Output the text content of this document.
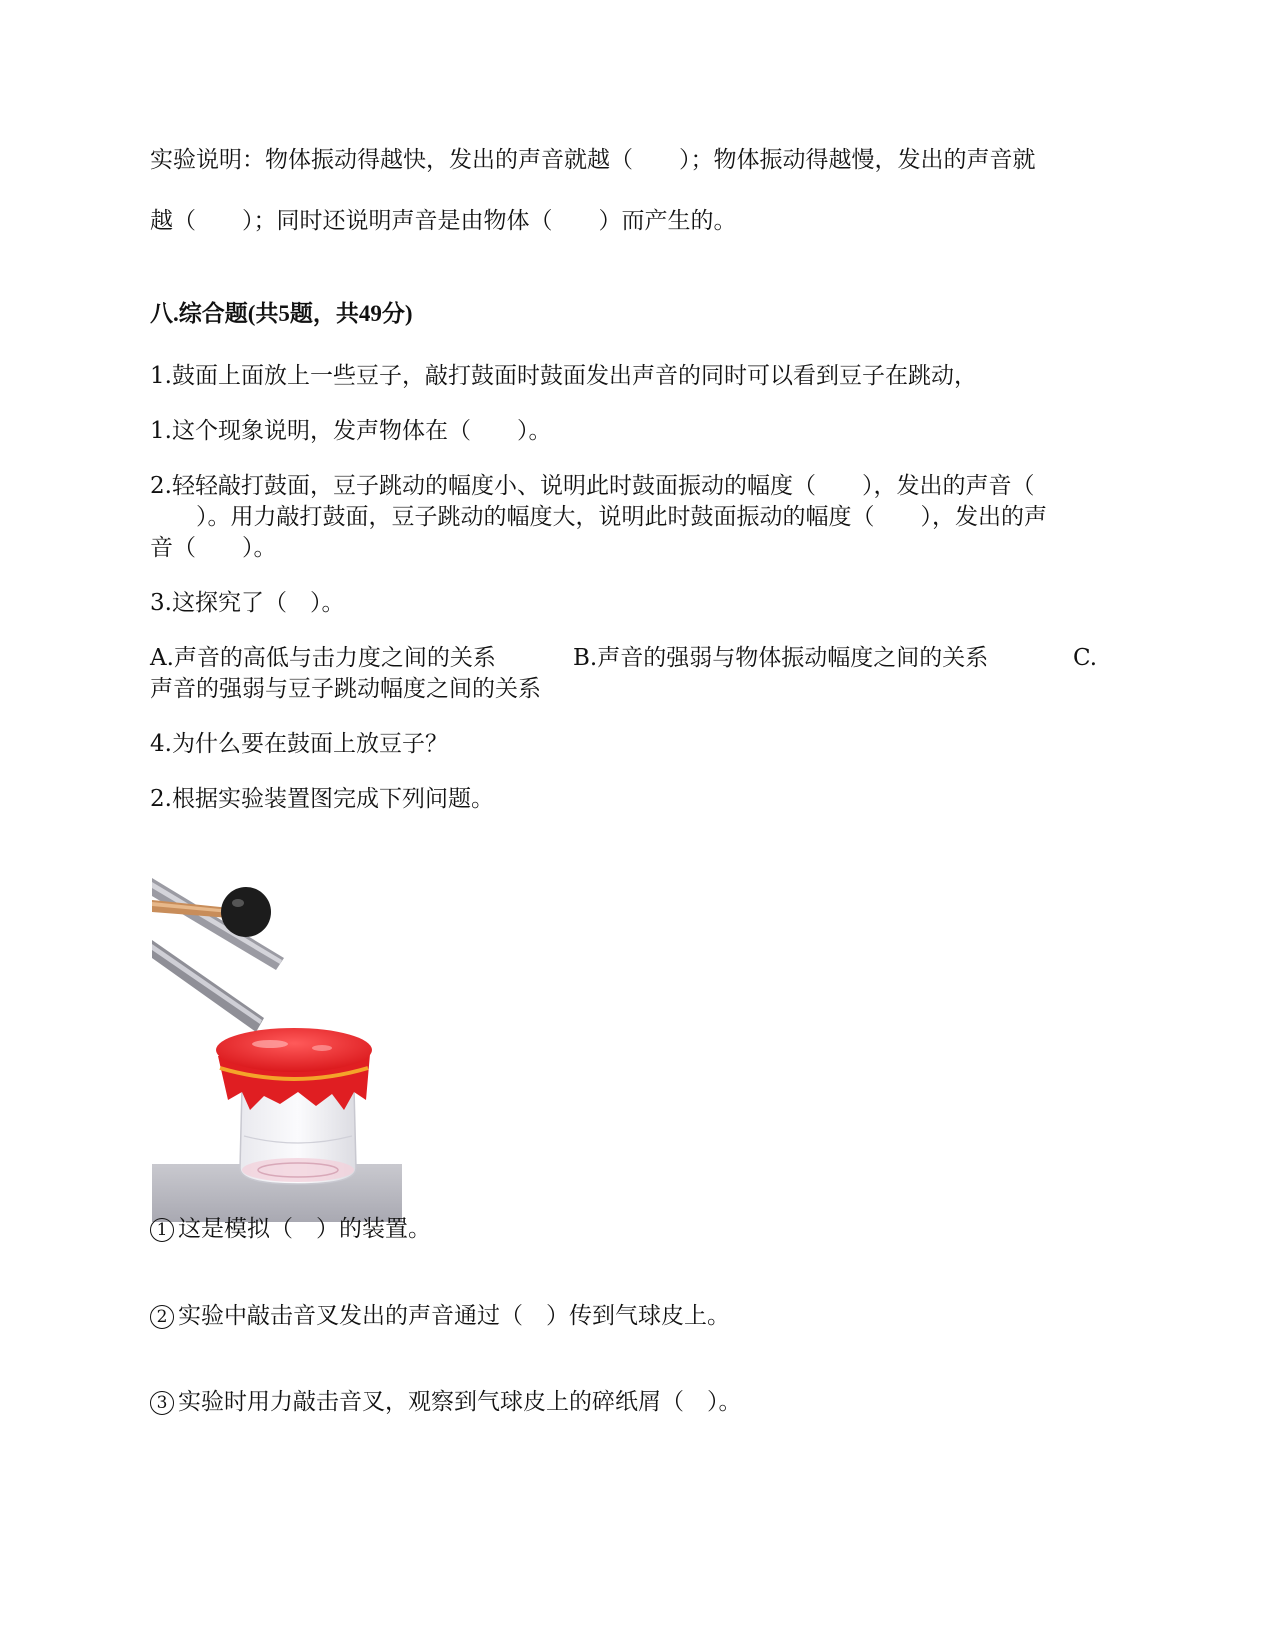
实验说明：物体振动得越快，发出的声音就越（　　）；物体振动得越慢，发出的声音就
越（　　）；同时还说明声音是由物体（　　）而产生的。
八.综合题(共5题，共49分)
1.鼓面上面放上一些豆子，敲打鼓面时鼓面发出声音的同时可以看到豆子在跳动，
1.这个现象说明，发声物体在（　　）。
2.轻轻敲打鼓面，豆子跳动的幅度小、说明此时鼓面振动的幅度（　　），发出的声音（
　　）。用力敲打鼓面，豆子跳动的幅度大，说明此时鼓面振动的幅度（　　），发出的声
音（　　）。
3.这探究了（　）。
A.声音的高低与击力度之间的关系	B.声音的强弱与物体振动幅度之间的关系	C.
声音的强弱与豆子跳动幅度之间的关系
4.为什么要在鼓面上放豆子？
2.根据实验装置图完成下列问题。
1 这是模拟（　）的装置。
2 实验中敲击音叉发出的声音通过（　）传到气球皮上。
3 实验时用力敲击音叉，观察到气球皮上的碎纸屑（　）。
